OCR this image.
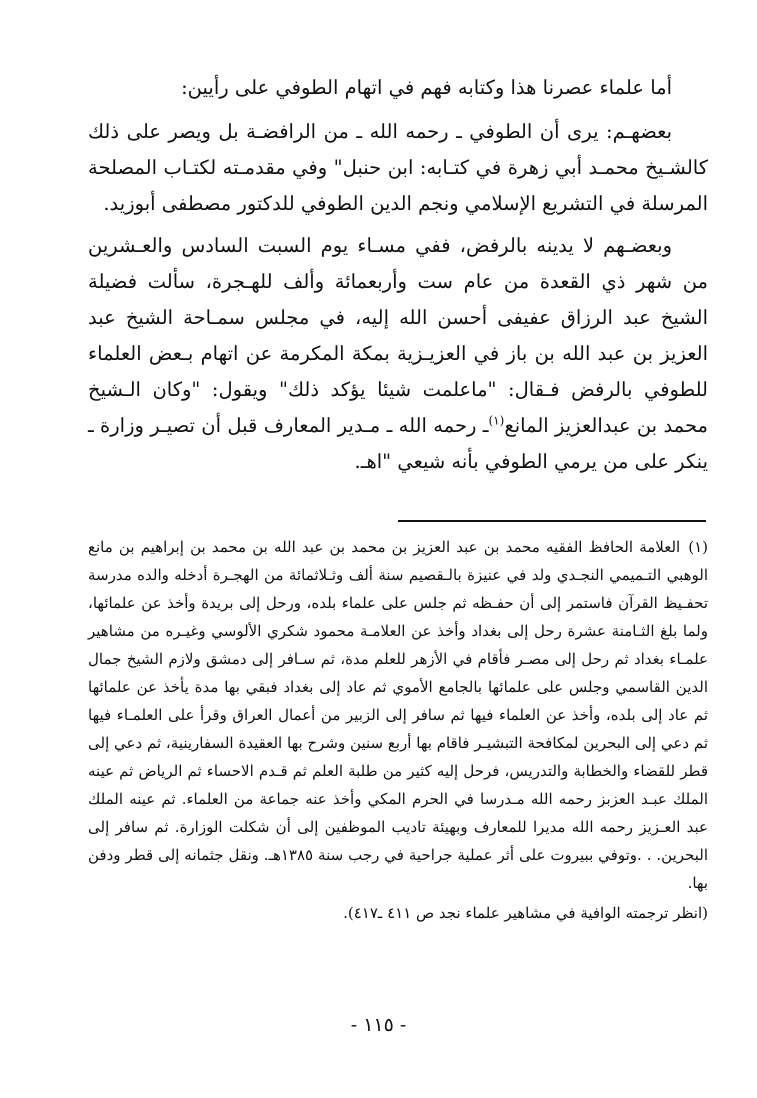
أما علماء عصرنا هذا وكتابه فهم في اتهام الطوفي على رأيين:

بعضهـم: يرى أن الطوفي ـ رحمه الله ـ من الرافضـة بل ويصر على ذلك كالشـيخ محمـد أبي زهرة في كتـابه: ابن حنبل" وفي مقدمـته لكتـاب المصلحة المرسلة في التشريع الإسلامي ونجم الدين الطوفي للدكتور مصطفى أبوزيد.

وبعضـهم لا يدينه بالرفض، ففي مسـاء يوم السبت السادس والعـشرين من شهر ذي القعدة من عام ست وأربعمائة وألف للهـجرة، سألت فضيلة الشيخ عبد الرزاق عفيفى أحسن الله إليه، في مجلس سمـاحة الشيخ عبد العزيز بن عبد الله بن باز في العزيـزية بمكة المكرمة عن اتهام بـعض العلماء للطوفي بالرفض فـقال: "ماعلمت شيئا يؤكد ذلك" ويقول: "وكان الـشيخ محمد بن عبدالعزيز المانع$^{(١)}$ـ رحمه الله ـ مـدير المعارف قبل أن تصيـر وزارة ـ ينكر على من يرمي الطوفي بأنه شيعي "اهـ.

(١)العلامة الحافظ الفقيه محمد بن عبد العزيز بن محمد بن عبد الله بن محمد بن إبراهيم بن مانع الوهبي التـميمي النجـدي ولد في عنيزة بالـقصيم سنة ألف وثـلاثمائة من الهجـرة أدخله والده مدرسة تحفـيظ القرآن فاستمر إلى أن حفـظه ثم جلس على علماء بلده، ورحل إلى بريدة وأخذ عن علمائها، ولما بلغ الثـامنة عشرة رحل إلى بغداد وأخذ عن العلامـة محمود شكري الألوسي وغيـره من مشاهير علمـاء بغداد ثم رحل إلى مصـر فأقام في الأزهر للعلم مدة، ثم سـافر إلى دمشق ولازم الشيخ جمال الدين القاسمي وجلس على علمائها بالجامع الأموي ثم عاد إلى بغداد فبقي بها مدة يأخذ عن علمائها ثم عاد إلى بلده، وأخذ عن العلماء فيها ثم سافر إلى الزبير من أعمال العراق وقرأ على العلمـاء فيها ثم دعي إلى البحرين لمكافحة التبشيـر فاقام بها أربع سنين وشرح بها العقيدة السفارينية، ثم دعي إلى قطر للقضاء والخطابة والتدريس، فرحل إليه كثير من طلبة العلم ثم قـدم الاحساء ثم الرياض ثم عينه الملك عبـد العزبز رحمه الله مـدرسا في الحرم المكي وأخذ عنه جماعة من العلماء. ثم عينه الملك عبد العـزيز رحمه الله مديرا للمعارف وبهيئة تاديب الموظفين إلى أن شكلت الوزارة. ثم سافر إلى البحرين. . .وتوفي ببيروت على أثر عملية جراحية في رجب سنة ١٣٨٥هـ. ونقل جثمانه إلى قطر ودفن بها.

(انظر ترجمته الوافية في مشاهير علماء نجد ص ٤١١ ـ٤١٧).

- ١١٥ -
